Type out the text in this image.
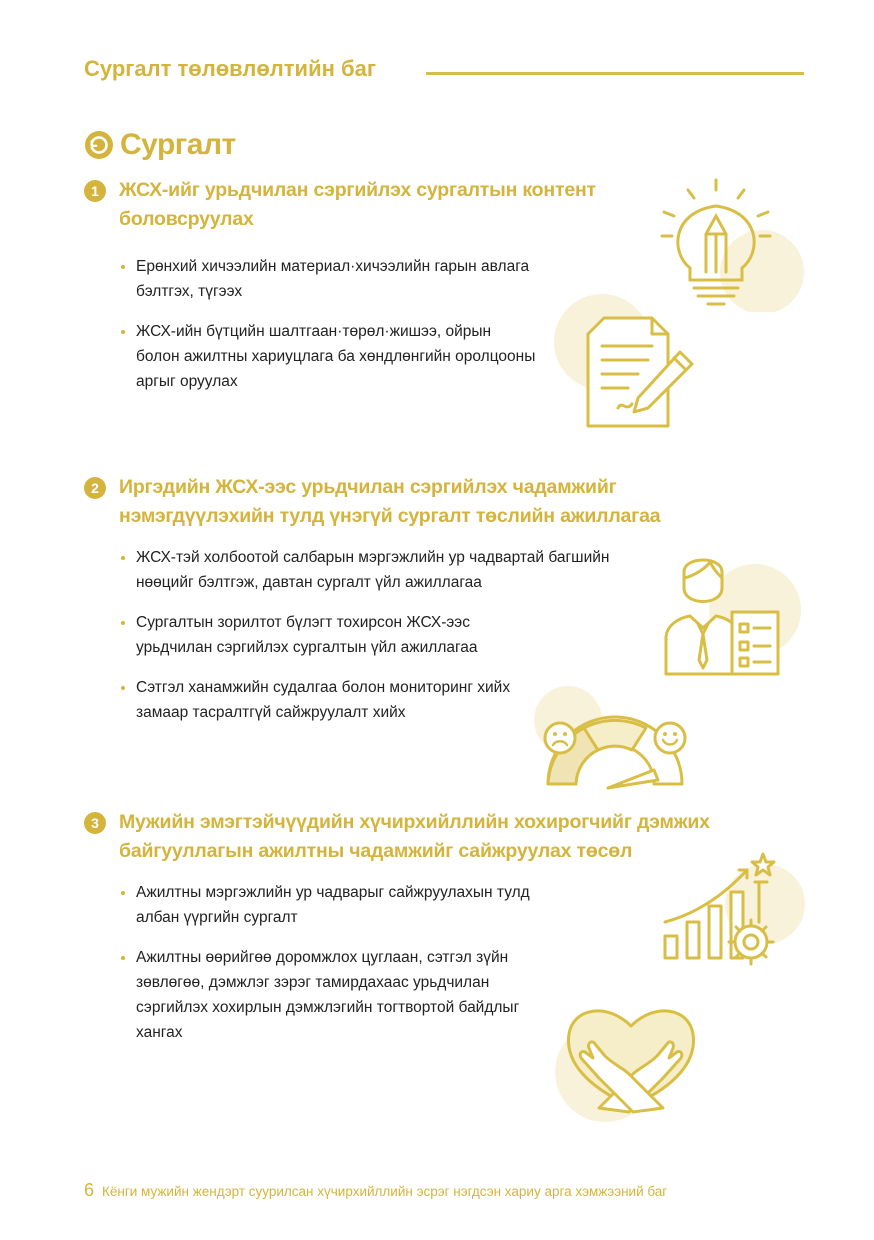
Сургалт төлөвлөлтийн баг
Сургалт
1	ЖСХ-ийг урьдчилан сэргийлэх сургалтын контент боловсруулах
Ерөнхий хичээлийн материал·хичээлийн гарын авлага бэлтгэх, түгээх
ЖСХ-ийн бүтцийн шалтгаан·төрөл·жишээ, ойрын болон ажилтны хариуцлага ба хөндлөнгийн оролцооны аргыг оруулах
2	Иргэдийн ЖСХ-ээс урьдчилан сэргийлэх чадамжийг нэмэгдүүлэхийн тулд үнэгүй сургалт төслийн ажиллагаа
ЖСХ-тэй холбоотой салбарын мэргэжлийн ур чадвартай багшийн нөөцийг бэлтгэж, давтан сургалт үйл ажиллагаа
Сургалтын зорилтот бүлэгт тохирсон ЖСХ-ээс урьдчилан сэргийлэх сургалтын үйл ажиллагаа
Сэтгэл ханамжийн судалгаа болон мониторинг хийх замаар тасралтгүй сайжруулалт хийх
3	Мужийн эмэгтэйчүүдийн хүчирхийллийн хохирогчийг дэмжих байгууллагын ажилтны чадамжийг сайжруулах төсөл
Ажилтны мэргэжлийн ур чадварыг сайжруулахын тулд албан үүргийн сургалт
Ажилтны өөрийгөө доромжлох цуглаан, сэтгэл зүйн зөвлөгөө, дэмжлэг зэрэг тамирдахаас урьдчилан сэргийлэх хохирлын дэмжлэгийн тогтвортой байдлыг хангах
6 Кёнги мужийн жендэрт суурилсан хүчирхийллийн эсрэг нэгдсэн хариу арга хэмжээний баг
